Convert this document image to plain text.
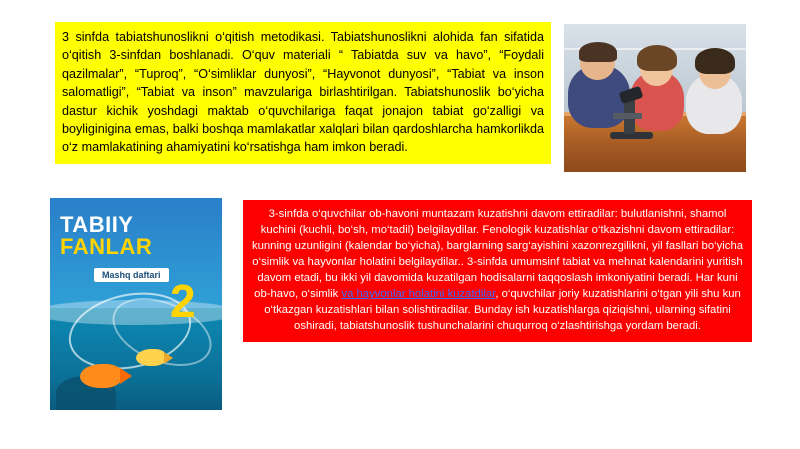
3 sinfda tabiatshunoslikni o‘qitish metodikasi. Tabiatshunoslikni alohida fan sifatida o‘qitish 3-sinfdan boshlanadi. O‘quv materiali “ Tabiatda suv va havo”, “Foydali qazilmalar”, “Tuproq”, “O‘simliklar dunyosi”, “Hayvonot dunyosi”, “Tabiat va inson salomatligi”, “Tabiat va inson” mavzulariga birlashtirilgan. Tabiatshunoslik bo‘yicha dastur kichik yoshdagi maktab o‘quvchilariga faqat jonajon tabiat go‘zalligi va boyliginigina emas, balki boshqa mamlakatlar xalqlari bilan qardoshlarcha hamkorlikda o‘z mamlakatining ahamiyatini ko‘rsatishga ham imkon beradi.

TABIIY
FANLAR
Mashq daftari 2

3-sinfda o‘quvchilar ob-havoni muntazam kuzatishni davom ettiradilar: bulutlanishni, shamol kuchini (kuchli, bo‘sh, mo‘tadil) belgilaydilar. Fenologik kuzatishlar o‘tkazishni davom ettiradilar: kunning uzunligini (kalendar bo‘yicha), barglarning sarg‘ayishini xazonrezgilikni, yil fasllari bo‘yicha o‘simlik va hayvonlar holatini belgilaydilar.. 3-sinfda umumsinf tabiat va mehnat kalendarini yuritish davom etadi, bu ikki yil davomida kuzatilgan hodisalarni taqqoslash imkoniyatini beradi. Har kuni ob-havo, o‘simlik va hayvonlar holatini kuzatdilar, o‘quvchilar joriy kuzatishlarini o‘tgan yili shu kun o‘tkazgan kuzatishlari bilan solishtiradilar. Bunday ish kuzatishlarga qiziqishni, ularning sifatini oshiradi, tabiatshunoslik tushunchalarini chuqurroq o‘zlashtirishga yordam beradi.
